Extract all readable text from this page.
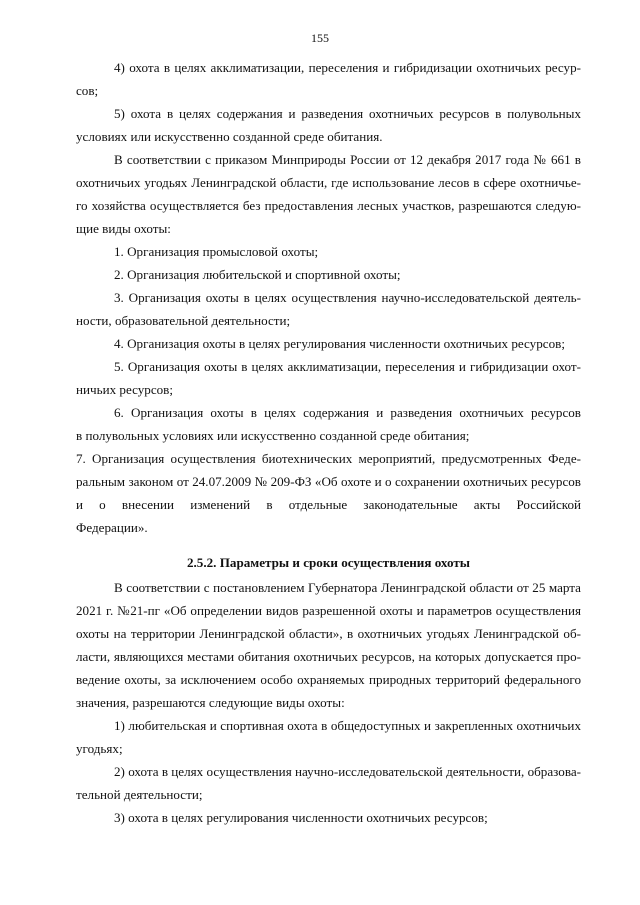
155
4) охота в целях акклиматизации, переселения и гибридизации охотничьих ресур-
сов;
5) охота в целях содержания и разведения охотничьих ресурсов в полувольных
условиях или искусственно созданной среде обитания.
В соответствии с приказом Минприроды России от 12 декабря 2017 года № 661 в
охотничьих угодьях Ленинградской области, где использование лесов в сфере охотничье-
го хозяйства осуществляется без предоставления лесных участков, разрешаются следую-
щие виды охоты:
1. Организация промысловой охоты;
2. Организация любительской и спортивной охоты;
3. Организация охоты в целях осуществления научно-исследовательской деятель-
ности, образовательной деятельности;
4. Организация охоты в целях регулирования численности охотничьих ресурсов;
5. Организация охоты в целях акклиматизации, переселения и гибридизации охот-
ничьих ресурсов;
6. Организация охоты в целях содержания и разведения охотничьих ресурсов
в полувольных условиях или искусственно созданной среде обитания;
7. Организация осуществления биотехнических мероприятий, предусмотренных Феде-
ральным законом от 24.07.2009 № 209-ФЗ «Об охоте и о сохранении охотничьих ресурсов
и о внесении изменений в отдельные законодательные акты Российской
Федерации».
2.5.2. Параметры и сроки осуществления охоты
В соответствии с постановлением Губернатора Ленинградской области от 25 марта
2021 г. №21-пг «Об определении видов разрешенной охоты и параметров осуществления
охоты на территории Ленинградской области», в охотничьих угодьях Ленинградской об-
ласти, являющихся местами обитания охотничьих ресурсов, на которых допускается про-
ведение охоты, за исключением особо охраняемых природных территорий федерального
значения, разрешаются следующие виды охоты:
1) любительская и спортивная охота в общедоступных и закрепленных охотничьих
угодьях;
2) охота в целях осуществления научно-исследовательской деятельности, образова-
тельной деятельности;
3) охота в целях регулирования численности охотничьих ресурсов;
